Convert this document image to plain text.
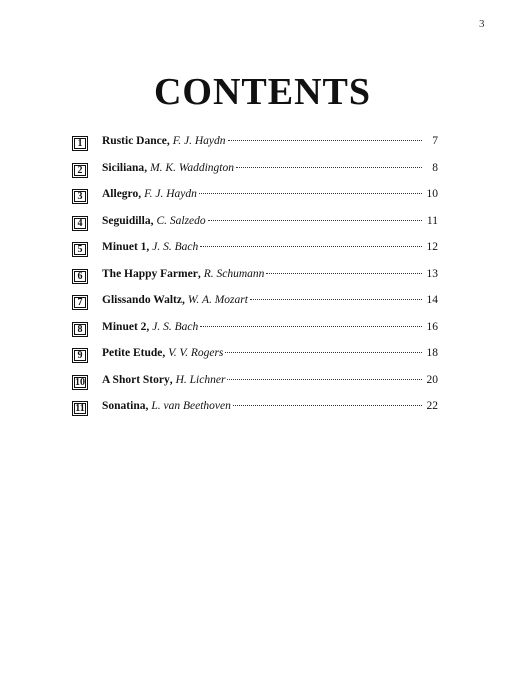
3
CONTENTS
1	Rustic Dance , F. J. Haydn	7
2	Siciliana , M. K. Waddington	8
3	Allegro , F. J. Haydn	10
4	Seguidilla , C. Salzedo	11
5	Minuet 1 , J. S. Bach	12
6	The Happy Farmer , R. Schumann	13
7	Glissando Waltz , W. A. Mozart	14
8	Minuet 2 , J. S. Bach	16
9	Petite Etude , V. V. Rogers	18
10 A Short Story , H. Lichner	20
11 Sonatina , L. van Beethoven	22
